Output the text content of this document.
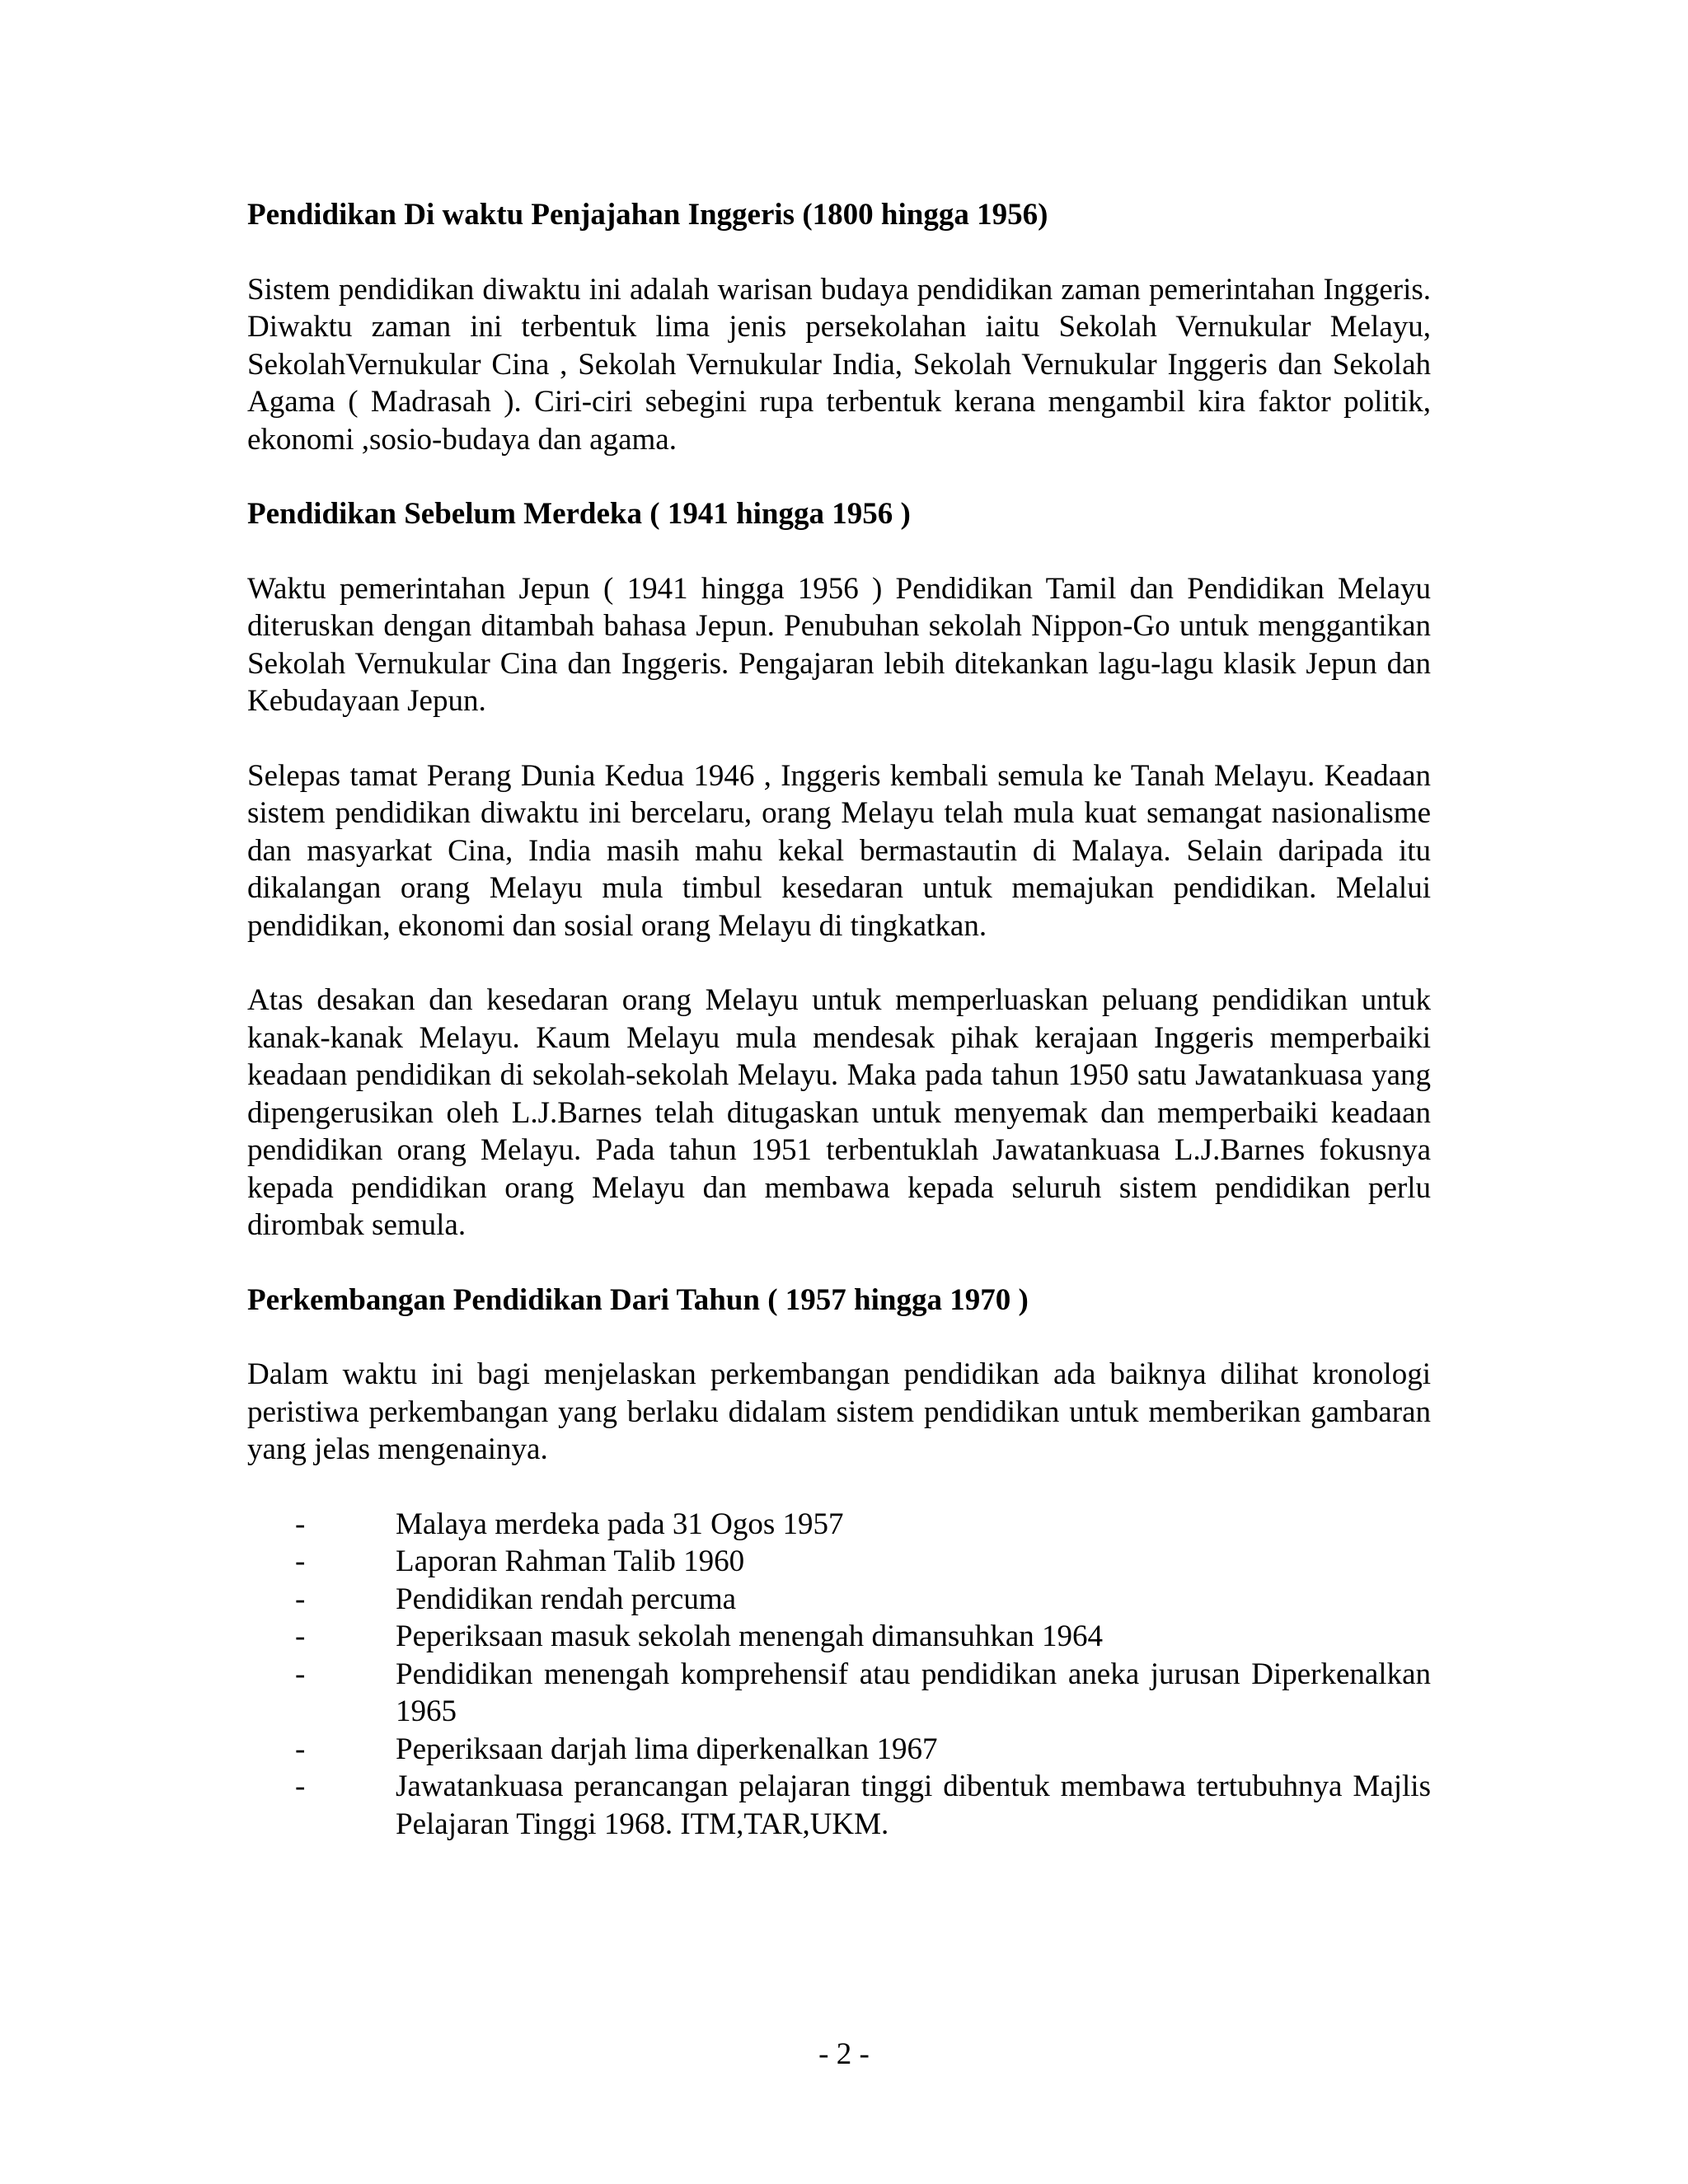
Pendidikan Di waktu Penjajahan Inggeris (1800 hingga 1956)

Sistem pendidikan diwaktu ini adalah warisan budaya pendidikan zaman pemerintahan Inggeris. Diwaktu zaman ini terbentuk lima jenis persekolahan iaitu Sekolah Vernukular Melayu, SekolahVernukular Cina , Sekolah Vernukular India, Sekolah Vernukular Inggeris dan Sekolah Agama ( Madrasah ). Ciri-ciri sebegini rupa terbentuk kerana mengambil kira faktor politik, ekonomi ,sosio-budaya dan agama.

Pendidikan Sebelum Merdeka ( 1941 hingga 1956 )

Waktu pemerintahan Jepun ( 1941 hingga 1956 ) Pendidikan Tamil dan Pendidikan Melayu diteruskan dengan ditambah bahasa Jepun. Penubuhan sekolah Nippon-Go untuk menggantikan Sekolah Vernukular Cina dan Inggeris. Pengajaran lebih ditekankan lagu-lagu klasik Jepun dan Kebudayaan Jepun.

Selepas tamat Perang Dunia Kedua 1946 , Inggeris kembali semula ke Tanah Melayu. Keadaan sistem pendidikan diwaktu ini bercelaru, orang Melayu telah mula kuat semangat nasionalisme dan masyarkat Cina, India masih mahu kekal bermastautin di Malaya. Selain daripada itu dikalangan orang Melayu mula timbul kesedaran untuk memajukan pendidikan. Melalui pendidikan, ekonomi dan sosial orang Melayu di tingkatkan.

Atas desakan dan kesedaran orang Melayu untuk memperluaskan peluang pendidikan untuk kanak-kanak Melayu. Kaum Melayu mula mendesak pihak kerajaan Inggeris memperbaiki keadaan pendidikan di sekolah-sekolah Melayu. Maka pada tahun 1950 satu Jawatankuasa yang dipengerusikan oleh L.J.Barnes telah ditugaskan untuk menyemak dan memperbaiki keadaan pendidikan orang Melayu. Pada tahun 1951 terbentuklah Jawatankuasa L.J.Barnes fokusnya kepada pendidikan orang Melayu dan membawa kepada seluruh sistem pendidikan perlu dirombak semula.

Perkembangan Pendidikan Dari Tahun ( 1957 hingga 1970 )

Dalam waktu ini bagi menjelaskan perkembangan pendidikan ada baiknya dilihat kronologi peristiwa perkembangan yang berlaku didalam sistem pendidikan untuk memberikan gambaran yang jelas mengenainya.

-	Malaya merdeka pada 31 Ogos 1957
-	Laporan Rahman Talib 1960
-	Pendidikan rendah percuma
-	Peperiksaan masuk sekolah menengah dimansuhkan 1964
-	Pendidikan menengah komprehensif atau pendidikan aneka jurusan Diperkenalkan 1965
-	Peperiksaan darjah lima diperkenalkan 1967
-	Jawatankuasa perancangan pelajaran tinggi dibentuk membawa tertubuhnya Majlis Pelajaran Tinggi 1968. ITM,TAR,UKM.
- 2 -
